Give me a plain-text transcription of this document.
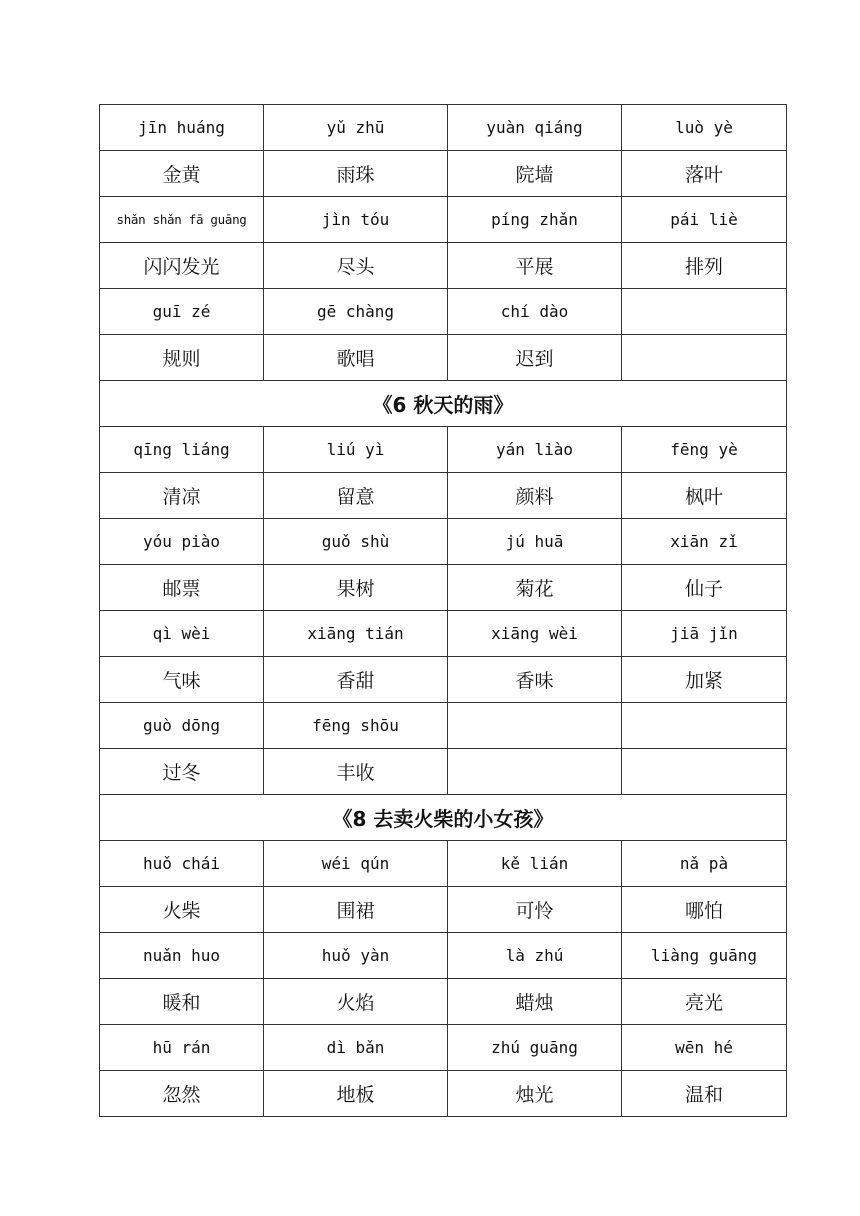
jīn huáng	yǔ zhū	yuàn qiáng	luò yè
金黄	雨珠	院墙	落叶
shǎn shǎn fā guāng	jìn tóu	píng zhǎn	pái liè
闪闪发光	尽头	平展	排列
guī zé	gē chàng	chí dào	
规则	歌唱	迟到	
《6 秋天的雨》			
qīng liáng	liú yì	yán liào	fēng yè
清凉	留意	颜料	枫叶
yóu piào	guǒ shù	jú huā	xiān zǐ
邮票	果树	菊花	仙子
qì wèi	xiāng tián	xiāng wèi	jiā jǐn
气味	香甜	香味	加紧
guò dōng	fēng shōu		
过冬	丰收		
《8 去卖火柴的小女孩》			
huǒ chái	wéi qún	kě lián	nǎ pà
火柴	围裙	可怜	哪怕
nuǎn huo	huǒ yàn	là zhú	liàng guāng
暖和	火焰	蜡烛	亮光
hū rán	dì bǎn	zhú guāng	wēn hé
忽然	地板	烛光	温和
